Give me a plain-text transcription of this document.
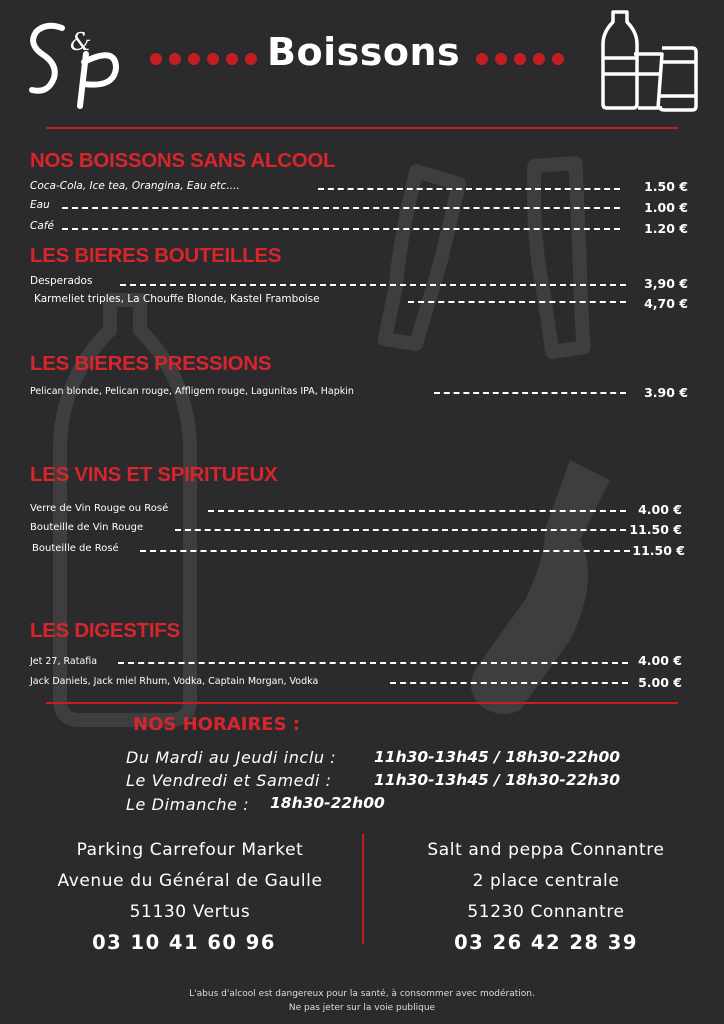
&	Boissons
NOS BOISSONS SANS ALCOOL
Coca-Cola, Ice tea, Orangina, Eau etc....	1.50 €
Eau	1.00 €
Café	1.20 €
LES BIERES BOUTEILLES
Desperados	3,90 €
Karmeliet triples, La Chouffe Blonde, Kastel Framboise	4,70 €
LES BIERES PRESSIONS
Pelican blonde, Pelican rouge, Affligem rouge, Lagunitas IPA, Hapkin	3.90 €
LES VINS ET SPIRITUEUX
Verre de Vin Rouge ou Rosé	4.00 €
Bouteille de Vin Rouge	11.50 €
Bouteille de Rosé	11.50 €
LES DIGESTIFS
Jet 27, Ratafia	4.00 €
Jack Daniels, Jack miel Rhum, Vodka, Captain Morgan, Vodka	5.00 €
NOS HORAIRES :
Du Mardi au Jeudi inclu : 11h30-13h45 / 18h30-22h00
Le Vendredi et Samedi :	11h30-13h45 / 18h30-22h30
Le Dimanche : 18h30-22h00
Parking Carrefour Market
Avenue du Général de Gaulle
51130 Vertus
03 10 41 60 96
Salt and peppa Connantre
2 place centrale
51230 Connantre
03 26 42 28 39
L'abus d'alcool est dangereux pour la santé, à consommer avec modération.
Ne pas jeter sur la voie publique
